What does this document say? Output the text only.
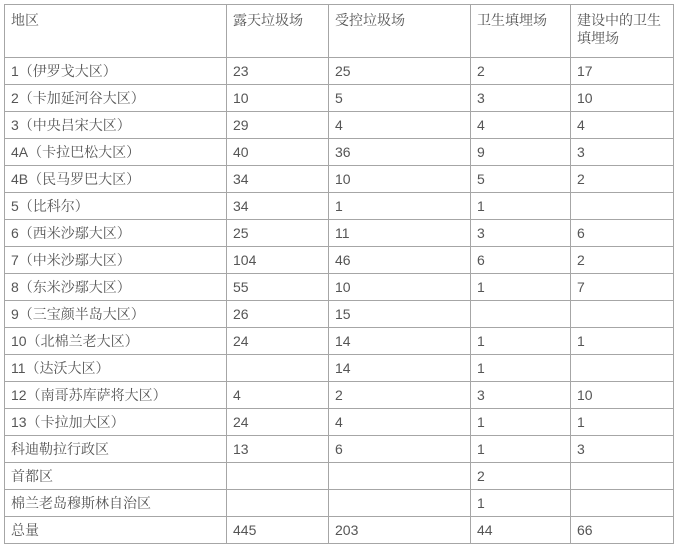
地区	露天垃圾场	受控垃圾场	卫生填埋场	建设中的卫生填埋场
1（伊罗戈大区）	23	25	2	17
2（卡加延河谷大区）	10	5	3	10
3（中央吕宋大区）	29	4	4	4
4A（卡拉巴松大区）	40	36	9	3
4B（民马罗巴大区）	34	10	5	2
5（比科尔）	34	1	1	
6（西米沙鄢大区）	25	11	3	6
7（中米沙鄢大区）	104	46	6	2
8（东米沙鄢大区）	55	10	1	7
9（三宝颜半岛大区）	26	15		
10（北棉兰老大区）	24	14	1	1
11（达沃大区）		14	1	
12（南哥苏库萨将大区）	4	2	3	10
13（卡拉加大区）	24	4	1	1
科迪勒拉行政区	13	6	1	3
首都区			2	
棉兰老岛穆斯林自治区			1	
总量	445	203	44	66
